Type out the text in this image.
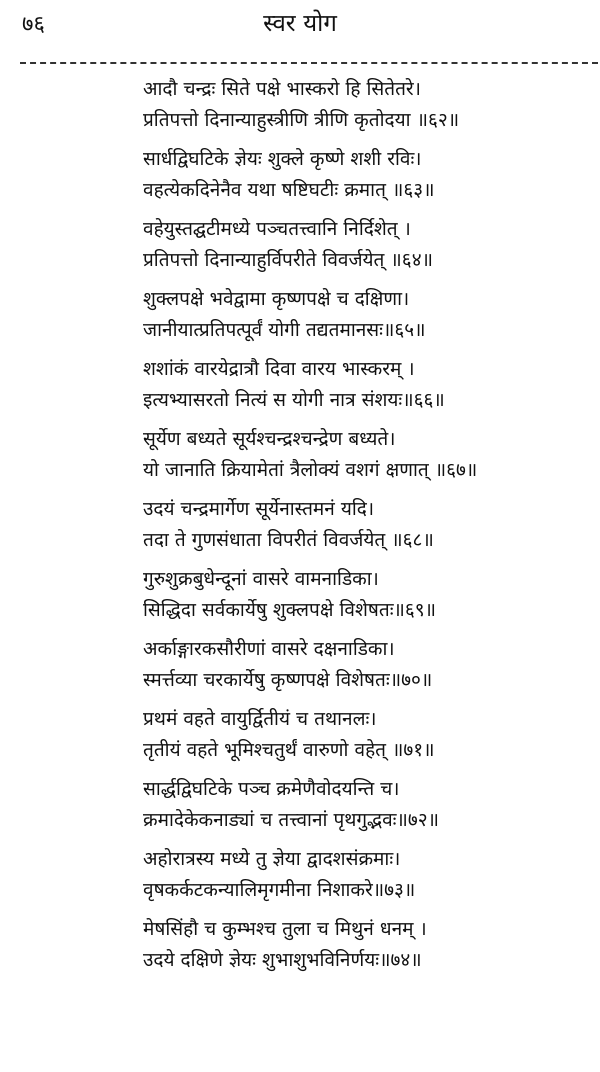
७६	स्वर योग
आदौ चन्द्रः सिते पक्षे भास्करो हि सितेतरे।
प्रतिपत्तो दिनान्याहुस्त्रीणि त्रीणि कृतोदया ॥६२॥
सार्धद्विघटिके ज्ञेयः शुक्ले कृष्णे शशी रविः।
वहत्येकदिनेनैव यथा षष्टिघटीः क्रमात् ॥६३॥
वहेयुस्तद्घटीमध्ये पञ्चतत्त्वानि निर्दिशेत् ।
प्रतिपत्तो दिनान्याहुर्विपरीते विवर्जयेत् ॥६४॥
शुक्लपक्षे भवेद्वामा कृष्णपक्षे च दक्षिणा।
जानीयात्प्रतिपत्पूर्वं योगी तद्यतमानसः॥६५॥
शशांकं वारयेद्रात्रौ दिवा वारय भास्करम् ।
इत्यभ्यासरतो नित्यं स योगी नात्र संशयः॥६६॥
सूर्येण बध्यते सूर्यश्चन्द्रश्चन्द्रेण बध्यते।
यो जानाति क्रियामेतां त्रैलोक्यं वशगं क्षणात् ॥६७॥
उदयं चन्द्रमार्गेण सूर्येनास्तमनं यदि।
तदा ते गुणसंधाता विपरीतं विवर्जयेत् ॥६८॥
गुरुशुक्रबुधेन्दूनां वासरे वामनाडिका।
सिद्धिदा सर्वकार्येषु शुक्लपक्षे विशेषतः॥६९॥
अर्काङ्गारकसौरीणां वासरे दक्षनाडिका।
स्मर्त्तव्या चरकार्येषु कृष्णपक्षे विशेषतः॥७०॥
प्रथमं वहते वायुर्द्वितीयं च तथानलः।
तृतीयं वहते भूमिश्चतुर्थं वारुणो वहेत् ॥७१॥
सार्द्धद्विघटिके पञ्च क्रमेणैवोदयन्ति च।
क्रमादेकेकनाड्यां च तत्त्वानां पृथगुद्भवः॥७२॥
अहोरात्रस्य मध्ये तु ज्ञेया द्वादशसंक्रमाः।
वृषकर्कटकन्यालिमृगमीना निशाकरे॥७३॥
मेषसिंहौ च कुम्भश्च तुला च मिथुनं धनम् ।
उदये दक्षिणे ज्ञेयः शुभाशुभविनिर्णयः॥७४॥
